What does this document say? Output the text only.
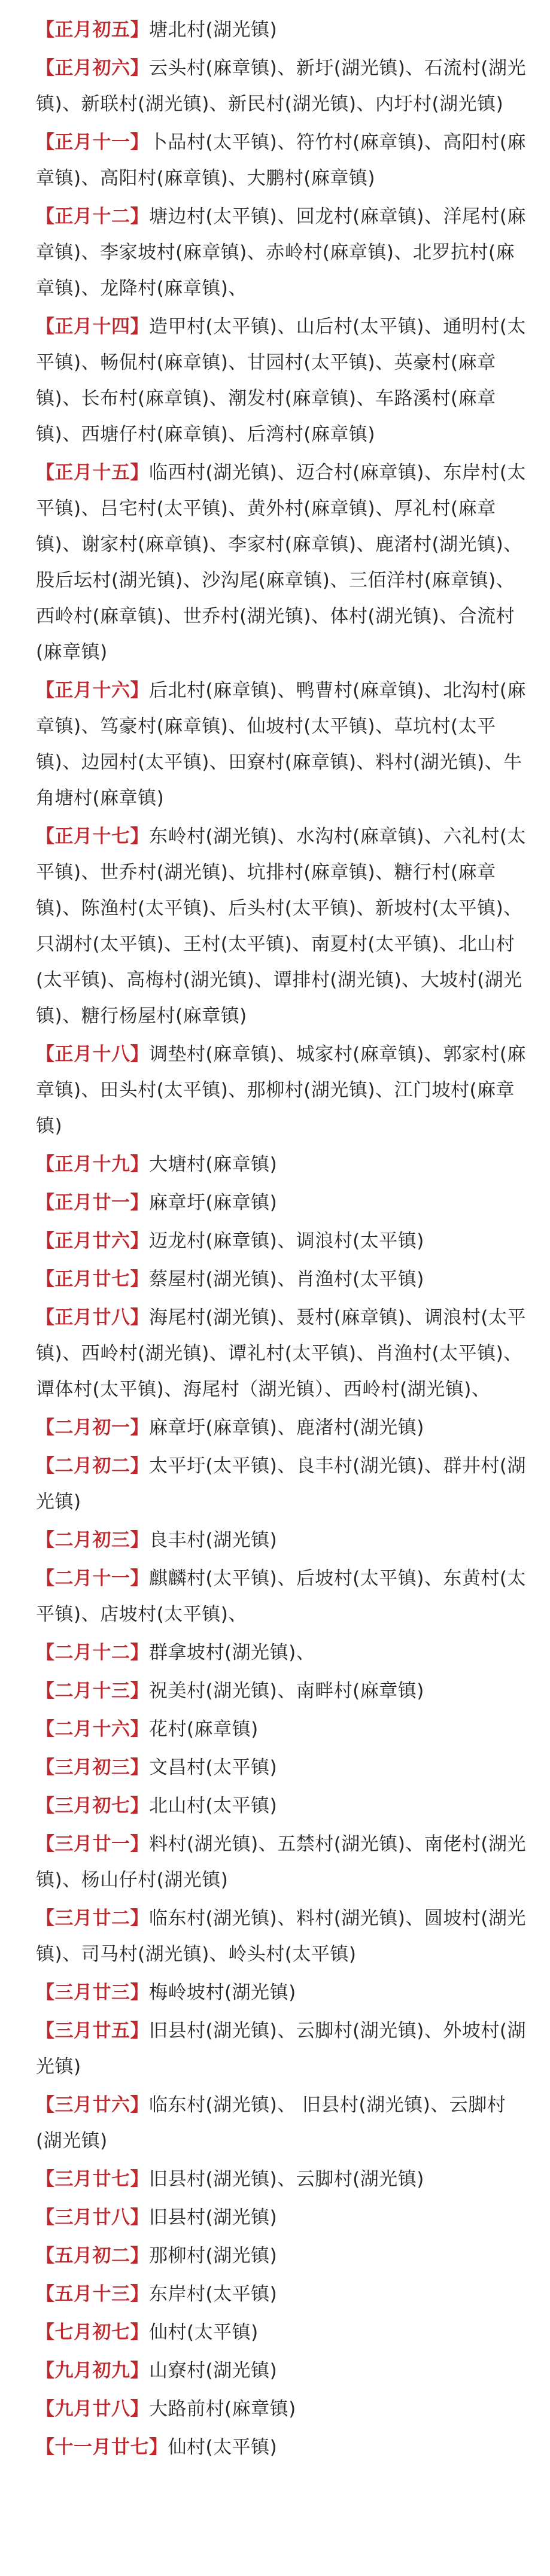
【正月初五】塘北村(湖光镇)

【正月初六】云头村(麻章镇)、新圩(湖光镇)、石流村(湖光镇)、新联村(湖光镇)、新民村(湖光镇)、内圩村(湖光镇)

【正月十一】卜品村(太平镇)、符竹村(麻章镇)、高阳村(麻章镇)、高阳村(麻章镇)、大鹏村(麻章镇)

【正月十二】塘边村(太平镇)、回龙村(麻章镇)、洋尾村(麻章镇)、李家坡村(麻章镇)、赤岭村(麻章镇)、北罗抗村(麻章镇)、龙降村(麻章镇)、

【正月十四】造甲村(太平镇)、山后村(太平镇)、通明村(太平镇)、畅侃村(麻章镇)、甘园村(太平镇)、英豪村(麻章镇)、长布村(麻章镇)、潮发村(麻章镇)、车路溪村(麻章镇)、西塘仔村(麻章镇)、后湾村(麻章镇)

【正月十五】临西村(湖光镇)、迈合村(麻章镇)、东岸村(太平镇)、吕宅村(太平镇)、黄外村(麻章镇)、厚礼村(麻章镇)、谢家村(麻章镇)、李家村(麻章镇)、鹿渚村(湖光镇)、股后坛村(湖光镇)、沙沟尾(麻章镇)、三佰洋村(麻章镇)、西岭村(麻章镇)、世乔村(湖光镇)、体村(湖光镇)、合流村(麻章镇)

【正月十六】后北村(麻章镇)、鸭曹村(麻章镇)、北沟村(麻章镇)、笃豪村(麻章镇)、仙坡村(太平镇)、草坑村(太平镇)、边园村(太平镇)、田寮村(麻章镇)、料村(湖光镇)、牛角塘村(麻章镇)

【正月十七】东岭村(湖光镇)、水沟村(麻章镇)、六礼村(太平镇)、世乔村(湖光镇)、坑排村(麻章镇)、糖行村(麻章镇)、陈渔村(太平镇)、后头村(太平镇)、新坡村(太平镇)、只湖村(太平镇)、王村(太平镇)、南夏村(太平镇)、北山村(太平镇)、高梅村(湖光镇)、谭排村(湖光镇)、大坡村(湖光镇)、糖行杨屋村(麻章镇)

【正月十八】调垫村(麻章镇)、城家村(麻章镇)、郭家村(麻章镇)、田头村(太平镇)、那柳村(湖光镇)、江门坡村(麻章镇)

【正月十九】大塘村(麻章镇)

【正月廿一】麻章圩(麻章镇)

【正月廿六】迈龙村(麻章镇)、调浪村(太平镇)

【正月廿七】蔡屋村(湖光镇)、肖渔村(太平镇)

【正月廿八】海尾村(湖光镇)、聂村(麻章镇)、调浪村(太平镇)、西岭村(湖光镇)、谭礼村(太平镇)、肖渔村(太平镇)、谭体村(太平镇)、海尾村（湖光镇）、西岭村(湖光镇)、

【二月初一】麻章圩(麻章镇)、鹿渚村(湖光镇)

【二月初二】太平圩(太平镇)、良丰村(湖光镇)、群井村(湖光镇)

【二月初三】良丰村(湖光镇)

【二月十一】麒麟村(太平镇)、后坡村(太平镇)、东黄村(太平镇)、店坡村(太平镇)、

【二月十二】群拿坡村(湖光镇)、

【二月十三】祝美村(湖光镇)、南畔村(麻章镇)

【二月十六】花村(麻章镇)

【三月初三】文昌村(太平镇)

【三月初七】北山村(太平镇)

【三月廿一】料村(湖光镇)、五禁村(湖光镇)、南佬村(湖光镇)、杨山仔村(湖光镇)

【三月廿二】临东村(湖光镇)、料村(湖光镇)、圆坡村(湖光镇)、司马村(湖光镇)、岭头村(太平镇)

【三月廿三】梅岭坡村(湖光镇)

【三月廿五】旧县村(湖光镇)、云脚村(湖光镇)、外坡村(湖光镇)

【三月廿六】临东村(湖光镇)、 旧县村(湖光镇)、云脚村(湖光镇)

【三月廿七】旧县村(湖光镇)、云脚村(湖光镇)

【三月廿八】旧县村(湖光镇)

【五月初二】那柳村(湖光镇)

【五月十三】东岸村(太平镇)

【七月初七】仙村(太平镇)

【九月初九】山寮村(湖光镇)

【九月廿八】大路前村(麻章镇)

【十一月廿七】仙村(太平镇)
